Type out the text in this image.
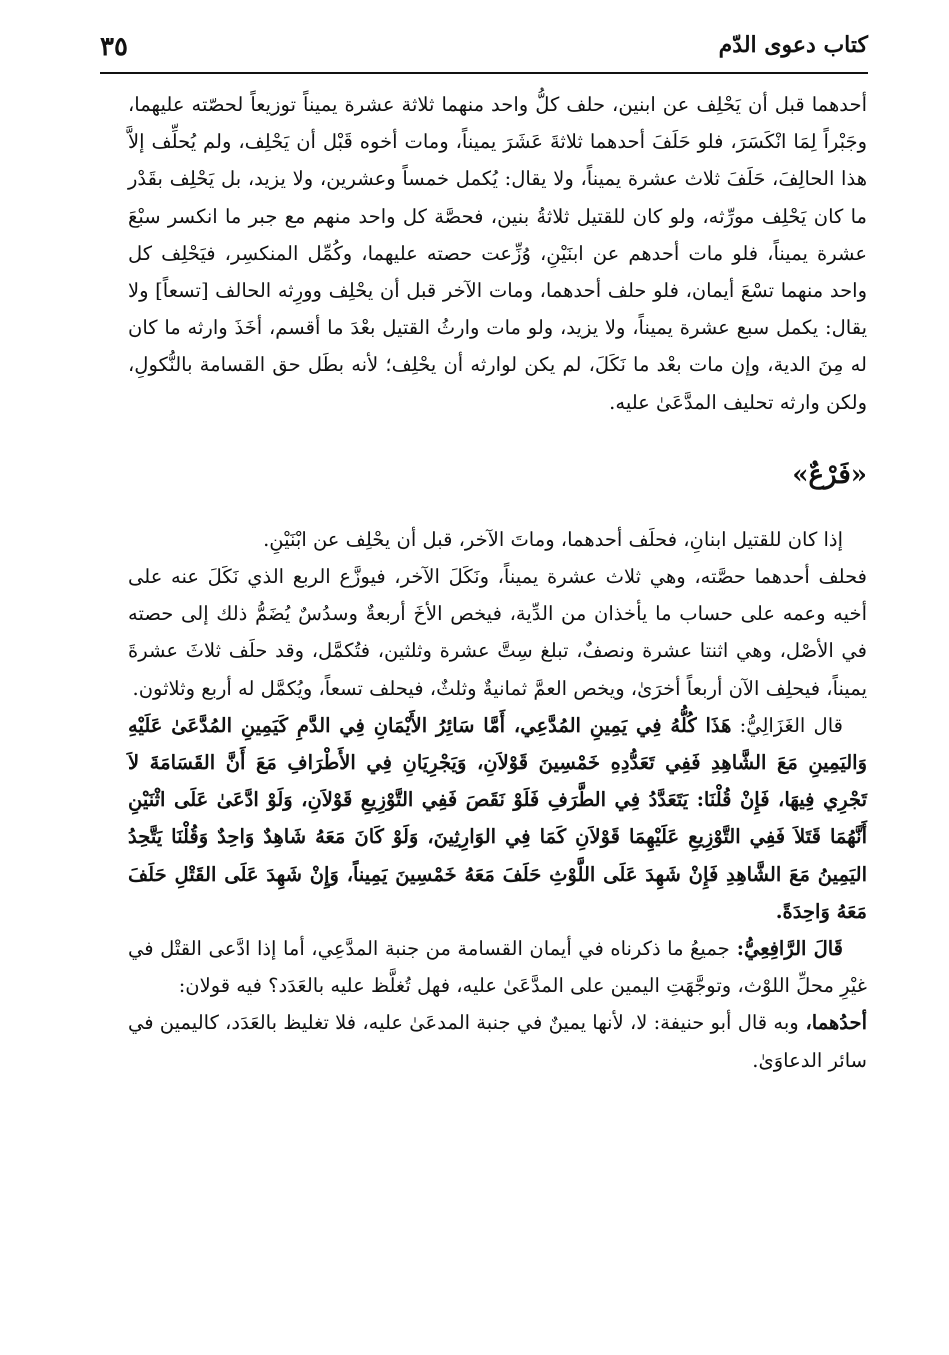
كتاب دعوى الدّم
٣٥

أحدهما قبل أن يَحْلِف عن ابنين، حلف كلُّ واحد منهما ثلاثة عشرة يميناً توزيعاً لحصّته عليهما، وجَبْراً لِمَا انْكَسَرَ، فلو حَلَفَ أحدهما ثلاثةَ عَشَرَ يميناً، ومات أخوه قَبْل أن يَحْلِف، ولم يُحلِّف إلاَّ هذا الحالِفَ، حَلَفَ ثلاث عشرة يميناً، ولا يقال: يُكمل خمساً وعشرين، ولا يزيد، بل يَحْلِف بقَدْر ما كان يَحْلِف مورِّثه، ولو كان للقتيل ثلاثةُ بنين، فحصَّة كل واحد منهم مع جبر ما انكسر سبْعَ عشرة يميناً، فلو مات أحدهم عن ابنَيْنِ، وُزِّعت حصته عليهما، وكُمِّل المنكسِر، فيَحْلِف كل واحد منهما تسْعَ أيمان، فلو حلف أحدهما، ومات الآخر قبل أن يحْلِف وورِثه الحالف [تسعاً] ولا يقال: يكمل سبع عشرة يميناً، ولا يزيد، ولو مات وارثُ القتيل بعْدَ ما أقسم، أخَذَ وارثه ما كان له مِنَ الدية، وإن مات بعْد ما نَكَلَ، لم يكن لوارثه أن يحْلِف؛ لأنه بطَل حق القسامة بالنُّكولِ، ولكن وارثه تحليف المدَّعَىٰ عليه.

«فَرْعٌ»

إذا كان للقتيل ابنانِ، فحلَف أحدهما، وماتَ الآخر، قبل أن يحْلِف عن ابْنَيْنِ.

فحلف أحدهما حصَّته، وهي ثلاث عشرة يميناً، ونَكَلَ الآخر، فيوزَّع الربع الذي نَكَلَ عنه على أخيه وعمه على حساب ما يأخذان من الدِّية، فيخص الأخَ أربعةٌ وسدُسٌ يُضَمُّ ذلك إلى حصته في الأصْل، وهي اثنتا عشرة ونصفٌ، تبلغ سِتَّ عشرة وثلثين، فتُكمَّل، وقد حلَف ثلاثَ عشرةَ يميناً، فيحلِف الآن أربعاً أخرَىٰ، ويخص العمَّ ثمانيةٌ وثلثٌ، فيحلف تسعاً، ويُكمَّل له أربع وثلاثون.

قال الغَزَالِيُّ: هَذَا كُلُّهُ فِي يَمِينِ المُدَّعِي، أَمَّا سَائِرُ الأَيْمَانِ فِي الدَّمِ كَيَمِينِ المُدَّعَىٰ عَلَيْهِ وَاليَمِينِ مَعَ الشَّاهِدِ فَفِي تَعَدُّدِهِ خَمْسِينَ قَوْلاَنِ، وَيَجْرِيَانِ فِي الأَطْرَافِ مَعَ أَنَّ القَسَامَةَ لاَ تَجْرِي فِيهَا، فَإِنْ قُلْنَا: يَتَعَدَّدُ فِي الطَّرَفِ فَلَوْ نَقَصَ فَفِي التَّوْزِيعِ قَوْلاَنِ، وَلَوْ ادَّعَىٰ عَلَى اثْنَيْنِ أَنَّهُمَا قَتَلاَ فَفِي التَّوْزِيعِ عَلَيْهِمَا قَوْلاَنِ كَمَا فِي الوَارِثِينَ، وَلَوْ كَانَ مَعَهُ شَاهِدٌ وَاحِدٌ وَقُلْنَا يَتَّحِدُ اليَمِينُ مَعَ الشَّاهِدِ فَإِنْ شَهِدَ عَلَى اللَّوْثِ حَلَفَ مَعَهُ خَمْسِينَ يَمِيناً، وَإِنْ شَهِدَ عَلَى القَتْلِ حَلَفَ مَعَهُ وَاحِدَةً.

قَالَ الرَّافِعِيُّ: جميعُ ما ذكرناه في أيمان القسامة من جنبة المدَّعِي، أما إذا ادَّعى القتْل في غيْرِ محلِّ اللوْث، وتوجَّهَتِ اليمين على المدَّعَىٰ عليه، فهل تُغلَّظ عليه بالعَدَد؟ فيه قولان:

أحدُهما، وبه قال أبو حنيفة: لا، لأنها يمينٌ في جنبة المدعَىٰ عليه، فلا تغليظ بالعَدَد، كاليمين في سائر الدعاوَىٰ.
